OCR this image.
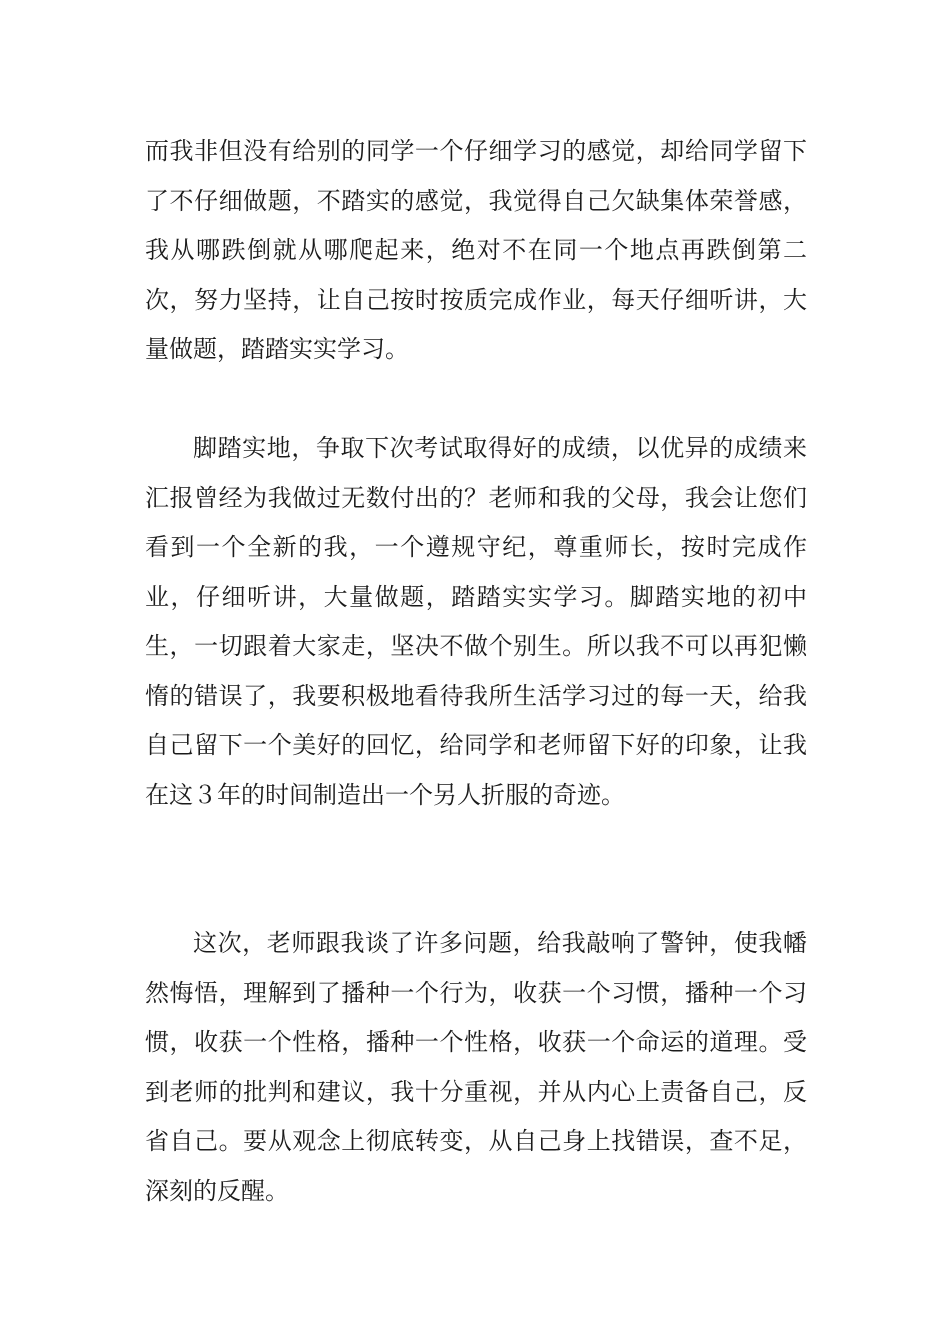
而我非但没有给别的同学一个仔细学习的感觉，却给同学留下了不仔细做题，不踏实的感觉，我觉得自己欠缺集体荣誉感，我从哪跌倒就从哪爬起来，绝对不在同一个地点再跌倒第二次，努力坚持，让自己按时按质完成作业，每天仔细听讲，大量做题，踏踏实实学习。

脚踏实地，争取下次考试取得好的成绩，以优异的成绩来汇报曾经为我做过无数付出的？老师和我的父母，我会让您们看到一个全新的我，一个遵规守纪，尊重师长，按时完成作业，仔细听讲，大量做题，踏踏实实学习。脚踏实地的初中生，一切跟着大家走，坚决不做个别生。所以我不可以再犯懒惰的错误了，我要积极地看待我所生活学习过的每一天，给我自己留下一个美好的回忆，给同学和老师留下好的印象，让我在这３年的时间制造出一个另人折服的奇迹。

这次，老师跟我谈了许多问题，给我敲响了警钟，使我幡然悔悟，理解到了播种一个行为，收获一个习惯，播种一个习惯，收获一个性格，播种一个性格，收获一个命运的道理。受到老师的批判和建议，我十分重视，并从内心上责备自己，反省自己。要从观念上彻底转变，从自己身上找错误，查不足，深刻的反醒。
